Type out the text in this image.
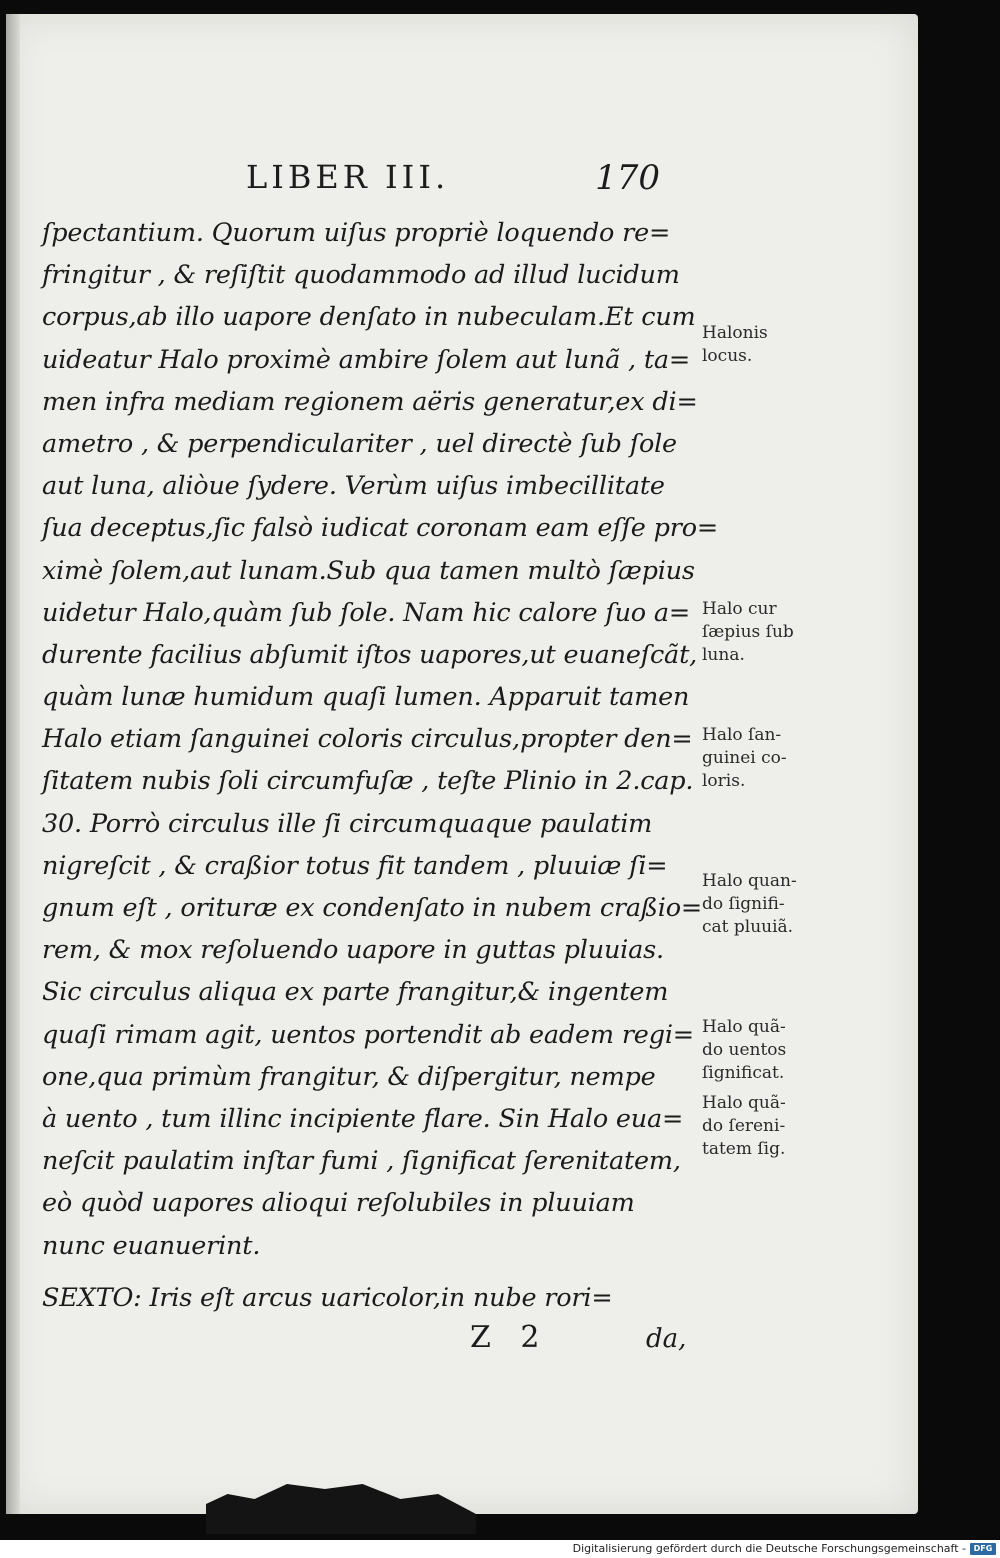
LIBER III.	170
ſpectantium. Quorum uiſus propriè loquendo re=
fringitur , & reſiſtit quodammodo ad illud lucidum
corpus,ab illo uapore denſato in nubeculam.Et cum
uideatur Halo proximè ambire ſolem aut lunã , ta=
men infra mediam regionem aëris generatur,ex di=
ametro , & perpendiculariter , uel directè ſub ſole
aut luna, aliòue ſydere. Verùm uiſus imbecillitate
ſua deceptus,ſic falsò iudicat coronam eam eſſe pro=
ximè ſolem,aut lunam.Sub qua tamen multò ſæpius
uidetur Halo,quàm ſub ſole. Nam hic calore ſuo a=
durente facilius abſumit iſtos uapores,ut euaneſcãt,
quàm lunæ humidum quaſi lumen. Apparuit tamen
Halo etiam ſanguinei coloris circulus,propter den=
ſitatem nubis ſoli circumfuſæ , teſte Plinio in 2.cap.
30. Porrò circulus ille ſi circumquaque paulatim
nigreſcit , & craßior totus fit tandem , pluuiæ ſi=
gnum eſt , orituræ ex condenſato in nubem craßio=
rem, & mox reſoluendo uapore in guttas pluuias.
Sic circulus aliqua ex parte frangitur,& ingentem
quaſi rimam agit, uentos portendit ab eadem regi=
one,qua primùm frangitur, & diſpergitur, nempe
à uento , tum illinc incipiente flare. Sin Halo eua=
neſcit paulatim inſtar fumi , ſignificat ſerenitatem,
eò quòd uapores alioqui reſolubiles in pluuiam
nunc euanuerint.
SEXTO: Iris eſt arcus uaricolor,in nube rori=
Halonis
locus.
Halo cur
ſæpius ſub
luna.
Halo ſan-
guinei co-
loris.
Halo quan-
do ſignifi-
cat pluuiã.
Halo quã-
do uentos
ſignificat.
Halo quã-
do ſereni-
tatem ſig.
Z 2	da,
Digitalisierung gefördert durch die Deutsche Forschungsgemeinschaft - DFG
